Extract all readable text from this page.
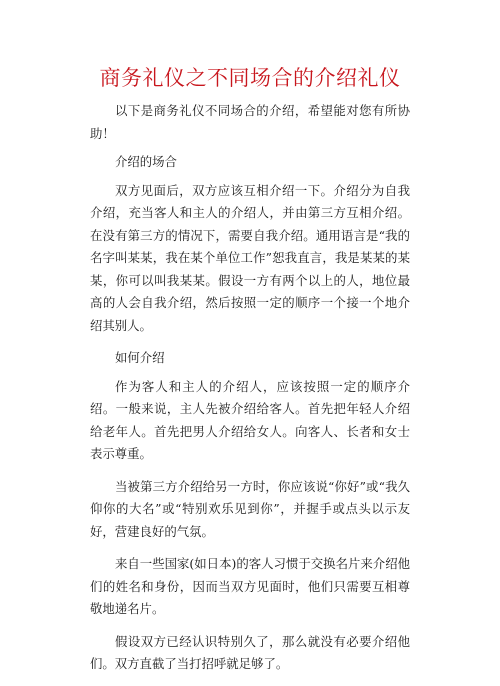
商务礼仪之不同场合的介绍礼仪

以下是商务礼仪不同场合的介绍，希望能对您有所协助！

介绍的场合

双方见面后，双方应该互相介绍一下。介绍分为自我介绍，充当客人和主人的介绍人，并由第三方互相介绍。在没有第三方的情况下，需要自我介绍。通用语言是“我的名字叫某某，我在某个单位工作”恕我直言，我是某某的某某，你可以叫我某某。假设一方有两个以上的人，地位最高的人会自我介绍，然后按照一定的顺序一个接一个地介绍其别人。

如何介绍

作为客人和主人的介绍人，应该按照一定的顺序介绍。一般来说，主人先被介绍给客人。首先把年轻人介绍给老年人。首先把男人介绍给女人。向客人、长者和女士表示尊重。

当被第三方介绍给另一方时，你应该说“你好”或“我久仰你的大名”或“特别欢乐见到你”，并握手或点头以示友好，营建良好的气氛。

来自一些国家(如日本)的客人习惯于交换名片来介绍他们的姓名和身份，因而当双方见面时，他们只需要互相尊敬地递名片。

假设双方已经认识特别久了，那么就没有必要介绍他们。双方直截了当打招呼就足够了。
